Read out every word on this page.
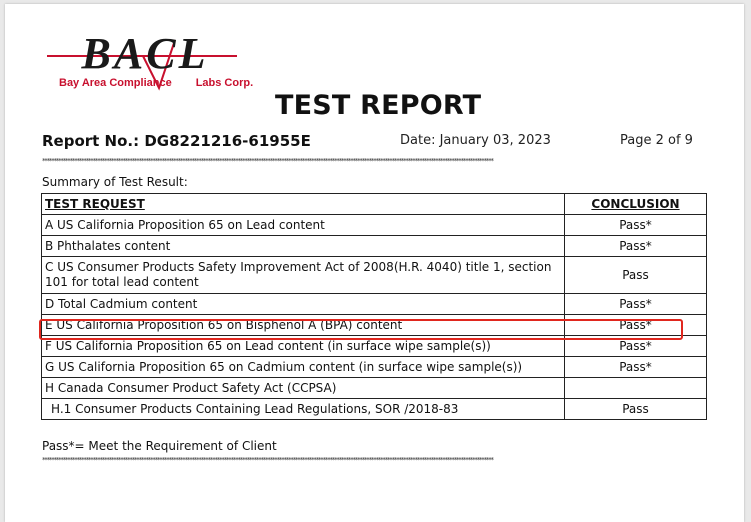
BACL
Bay Area Compliance Labs Corp.
TEST REPORT
Report No.: DG8221216-61955E	Date: January 03, 2023	Page 2 of 9
****************************************************************************************************************************************************************************************************
Summary of Test Result:
TEST REQUEST	CONCLUSION
A US California Proposition 65 on Lead content	Pass*
B Phthalates content	Pass*
C US Consumer Products Safety Improvement Act of 2008(H.R. 4040) title 1, section 101 for total lead content	Pass
D Total Cadmium content	Pass*
E US California Proposition 65 on Bisphenol A (BPA) content	Pass*
F US California Proposition 65 on Lead content (in surface wipe sample(s))	Pass*
G US California Proposition 65 on Cadmium content (in surface wipe sample(s))	Pass*
H Canada Consumer Product Safety Act (CCPSA)	
H.1 Consumer Products Containing Lead Regulations, SOR /2018-83	Pass
Pass*= Meet the Requirement of Client
****************************************************************************************************************************************************************************************************
